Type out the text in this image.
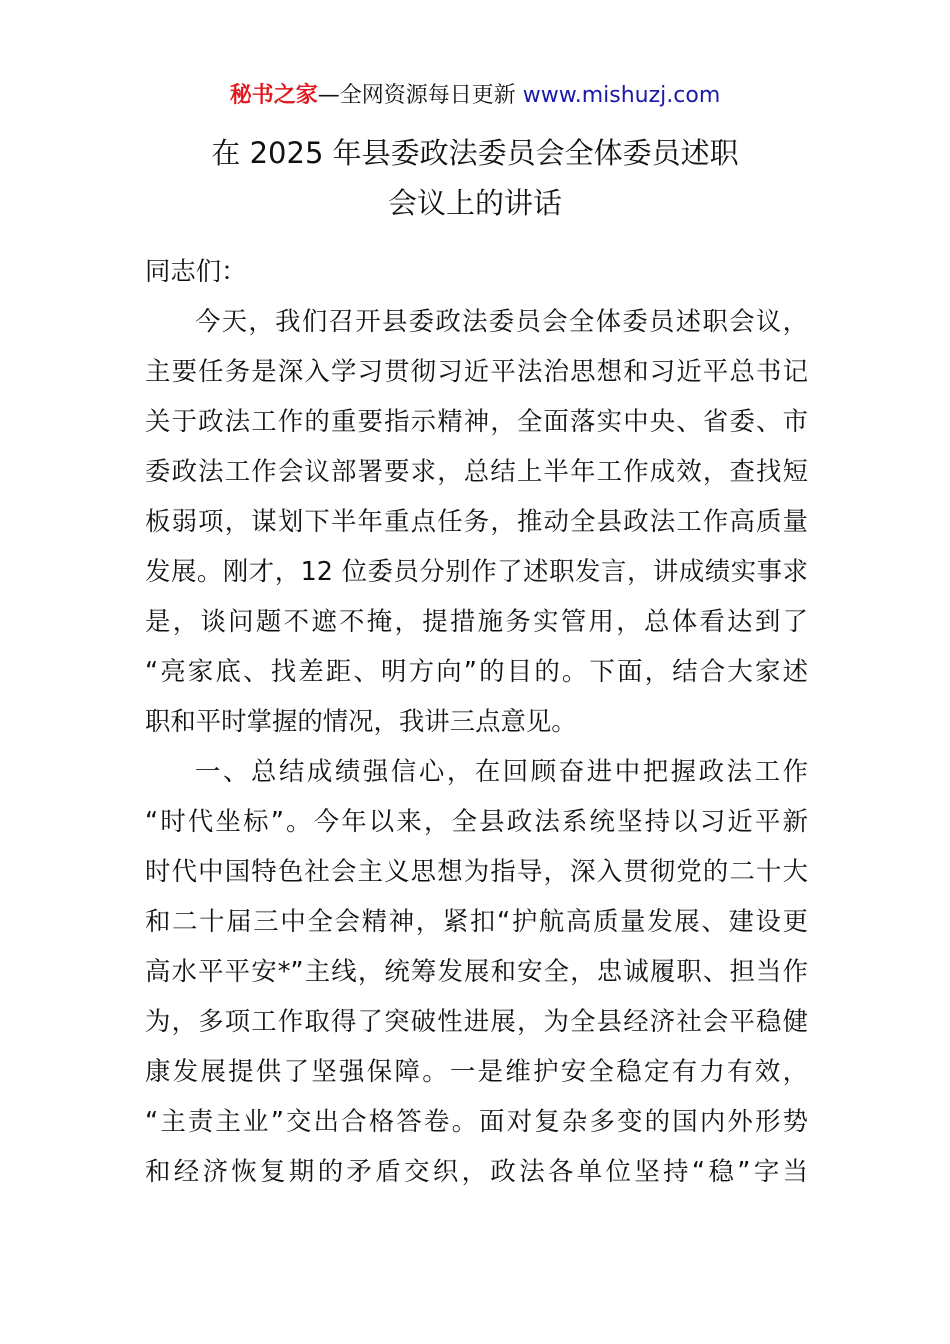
秘书之家—全网资源每日更新 www.mishuzj.com
在 2025 年县委政法委员会全体委员述职
会议上的讲话
同志们：
今天，我们召开县委政法委员会全体委员述职会议，
主要任务是深入学习贯彻习近平法治思想和习近平总书记
关于政法工作的重要指示精神，全面落实中央、省委、市
委政法工作会议部署要求，总结上半年工作成效，查找短
板弱项，谋划下半年重点任务，推动全县政法工作高质量
发展。刚才，12 位委员分别作了述职发言，讲成绩实事求
是，谈问题不遮不掩，提措施务实管用，总体看达到了
“亮家底、找差距、明方向”的目的。下面，结合大家述
职和平时掌握的情况，我讲三点意见。
一、总结成绩强信心，在回顾奋进中把握政法工作
“时代坐标”。今年以来，全县政法系统坚持以习近平新
时代中国特色社会主义思想为指导，深入贯彻党的二十大
和二十届三中全会精神，紧扣“护航高质量发展、建设更
高水平平安*”主线，统筹发展和安全，忠诚履职、担当作
为，多项工作取得了突破性进展，为全县经济社会平稳健
康发展提供了坚强保障。一是维护安全稳定有力有效，
“主责主业”交出合格答卷。面对复杂多变的国内外形势
和经济恢复期的矛盾交织，政法各单位坚持“稳”字当
